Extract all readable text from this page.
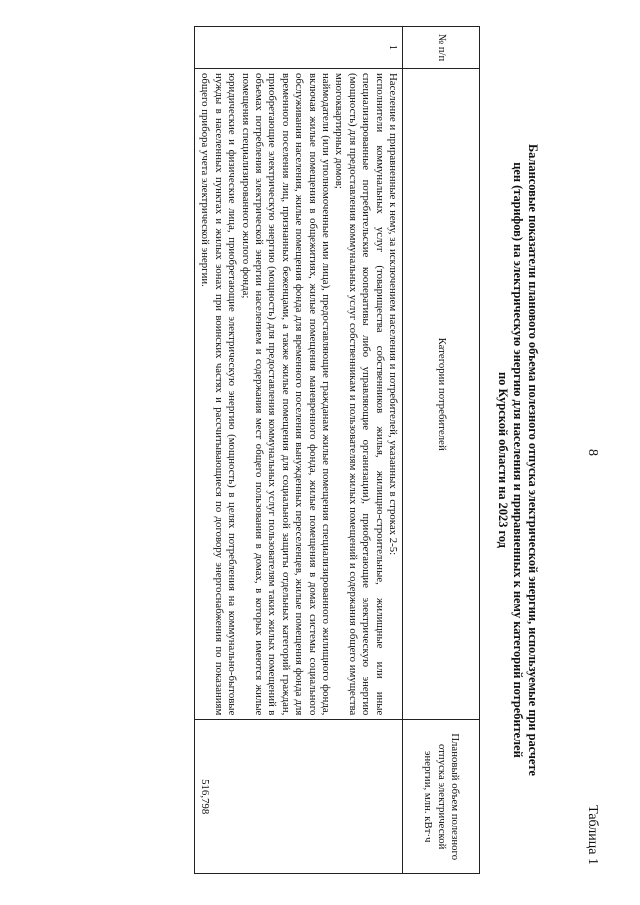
8
Таблица 1
Балансовые показатели планового объема полезного отпуска электрической энергии, используемые при расчете
цен (тарифов) на электрическую энергию для населения и приравненных к нему категорий потребителей
по Курской области на 2023 год
№ п/п	Категории потребителей	Плановый объем полезного отпуска электрической энергии, млн. кВт·ч
1	Население и приравненные к нему, за исключением населения и потребителей, указанных в строках 2-5:

исполнители коммунальных услуг (товарищества собственников жилья, жилищно-строительные, жилищные или иные специализированные потребительские кооперативы либо управляющие организации), приобретающие электрическую энергию (мощность) для предоставления коммунальных услуг собственникам и пользователям жилых помещений и содержания общего имущества многоквартирных домов;

наймодатели (или уполномоченные ими лица), предоставляющие гражданам жилые помещения специализированного жилищного фонда, включая жилые помещения в общежитиях, жилые помещения маневренного фонда, жилые помещения в домах системы социального обслуживания населения, жилые помещения фонда для временного поселения вынужденных переселенцев, жилые помещения фонда для временного поселения лиц, признанных беженцами, а также жилые помещения для социальной защиты отдельных категорий граждан, приобретающие электрическую энергию (мощность) для предоставления коммунальных услуг пользователям таких жилых помещений в объемах потребления электрической энергии населением и содержания мест общего пользования в домах, в которых имеются жилые помещения специализированного жилого фонда;

юридические и физические лица, приобретающие электрическую энергию (мощность) в целях потребления на коммунально-бытовые нужды в населенных пунктах и жилых зонах при воинских частях и рассчитывающиеся по договору энергоснабжения по показаниям общего прибора учета электрической энергии.	516,798
